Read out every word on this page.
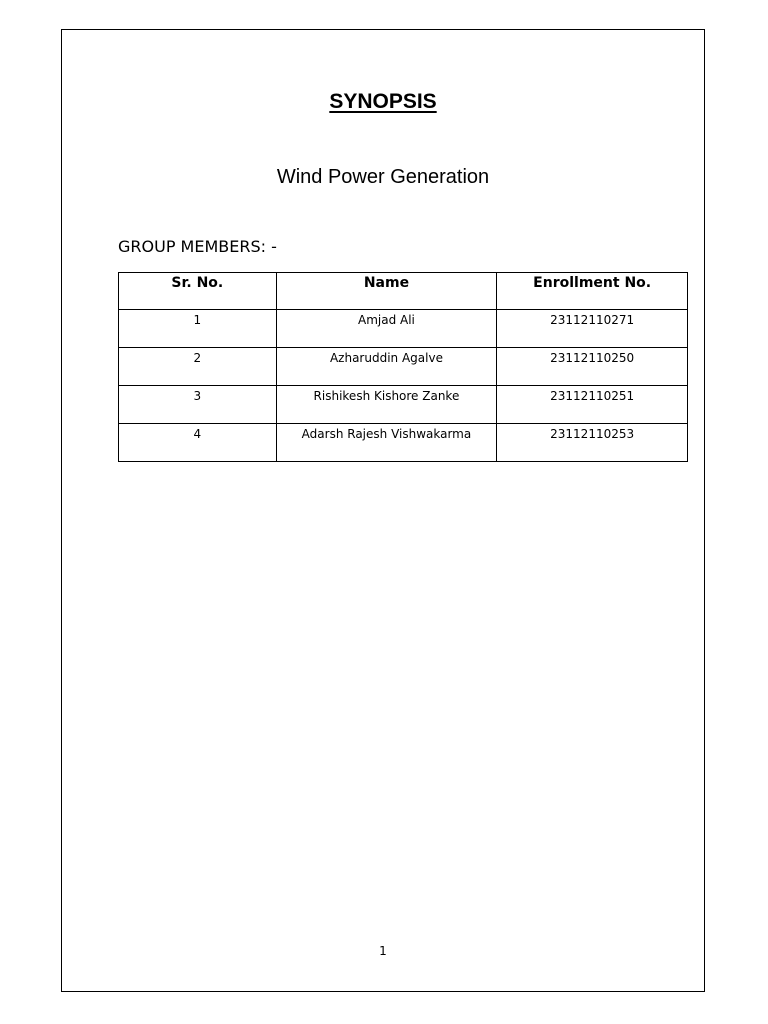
SYNOPSIS
Wind Power Generation
GROUP MEMBERS: -
Sr. No.	Name	Enrollment No.
1	Amjad Ali	23112110271
2	Azharuddin Agalve	23112110250
3	Rishikesh Kishore Zanke	23112110251
4	Adarsh Rajesh Vishwakarma	23112110253
1
